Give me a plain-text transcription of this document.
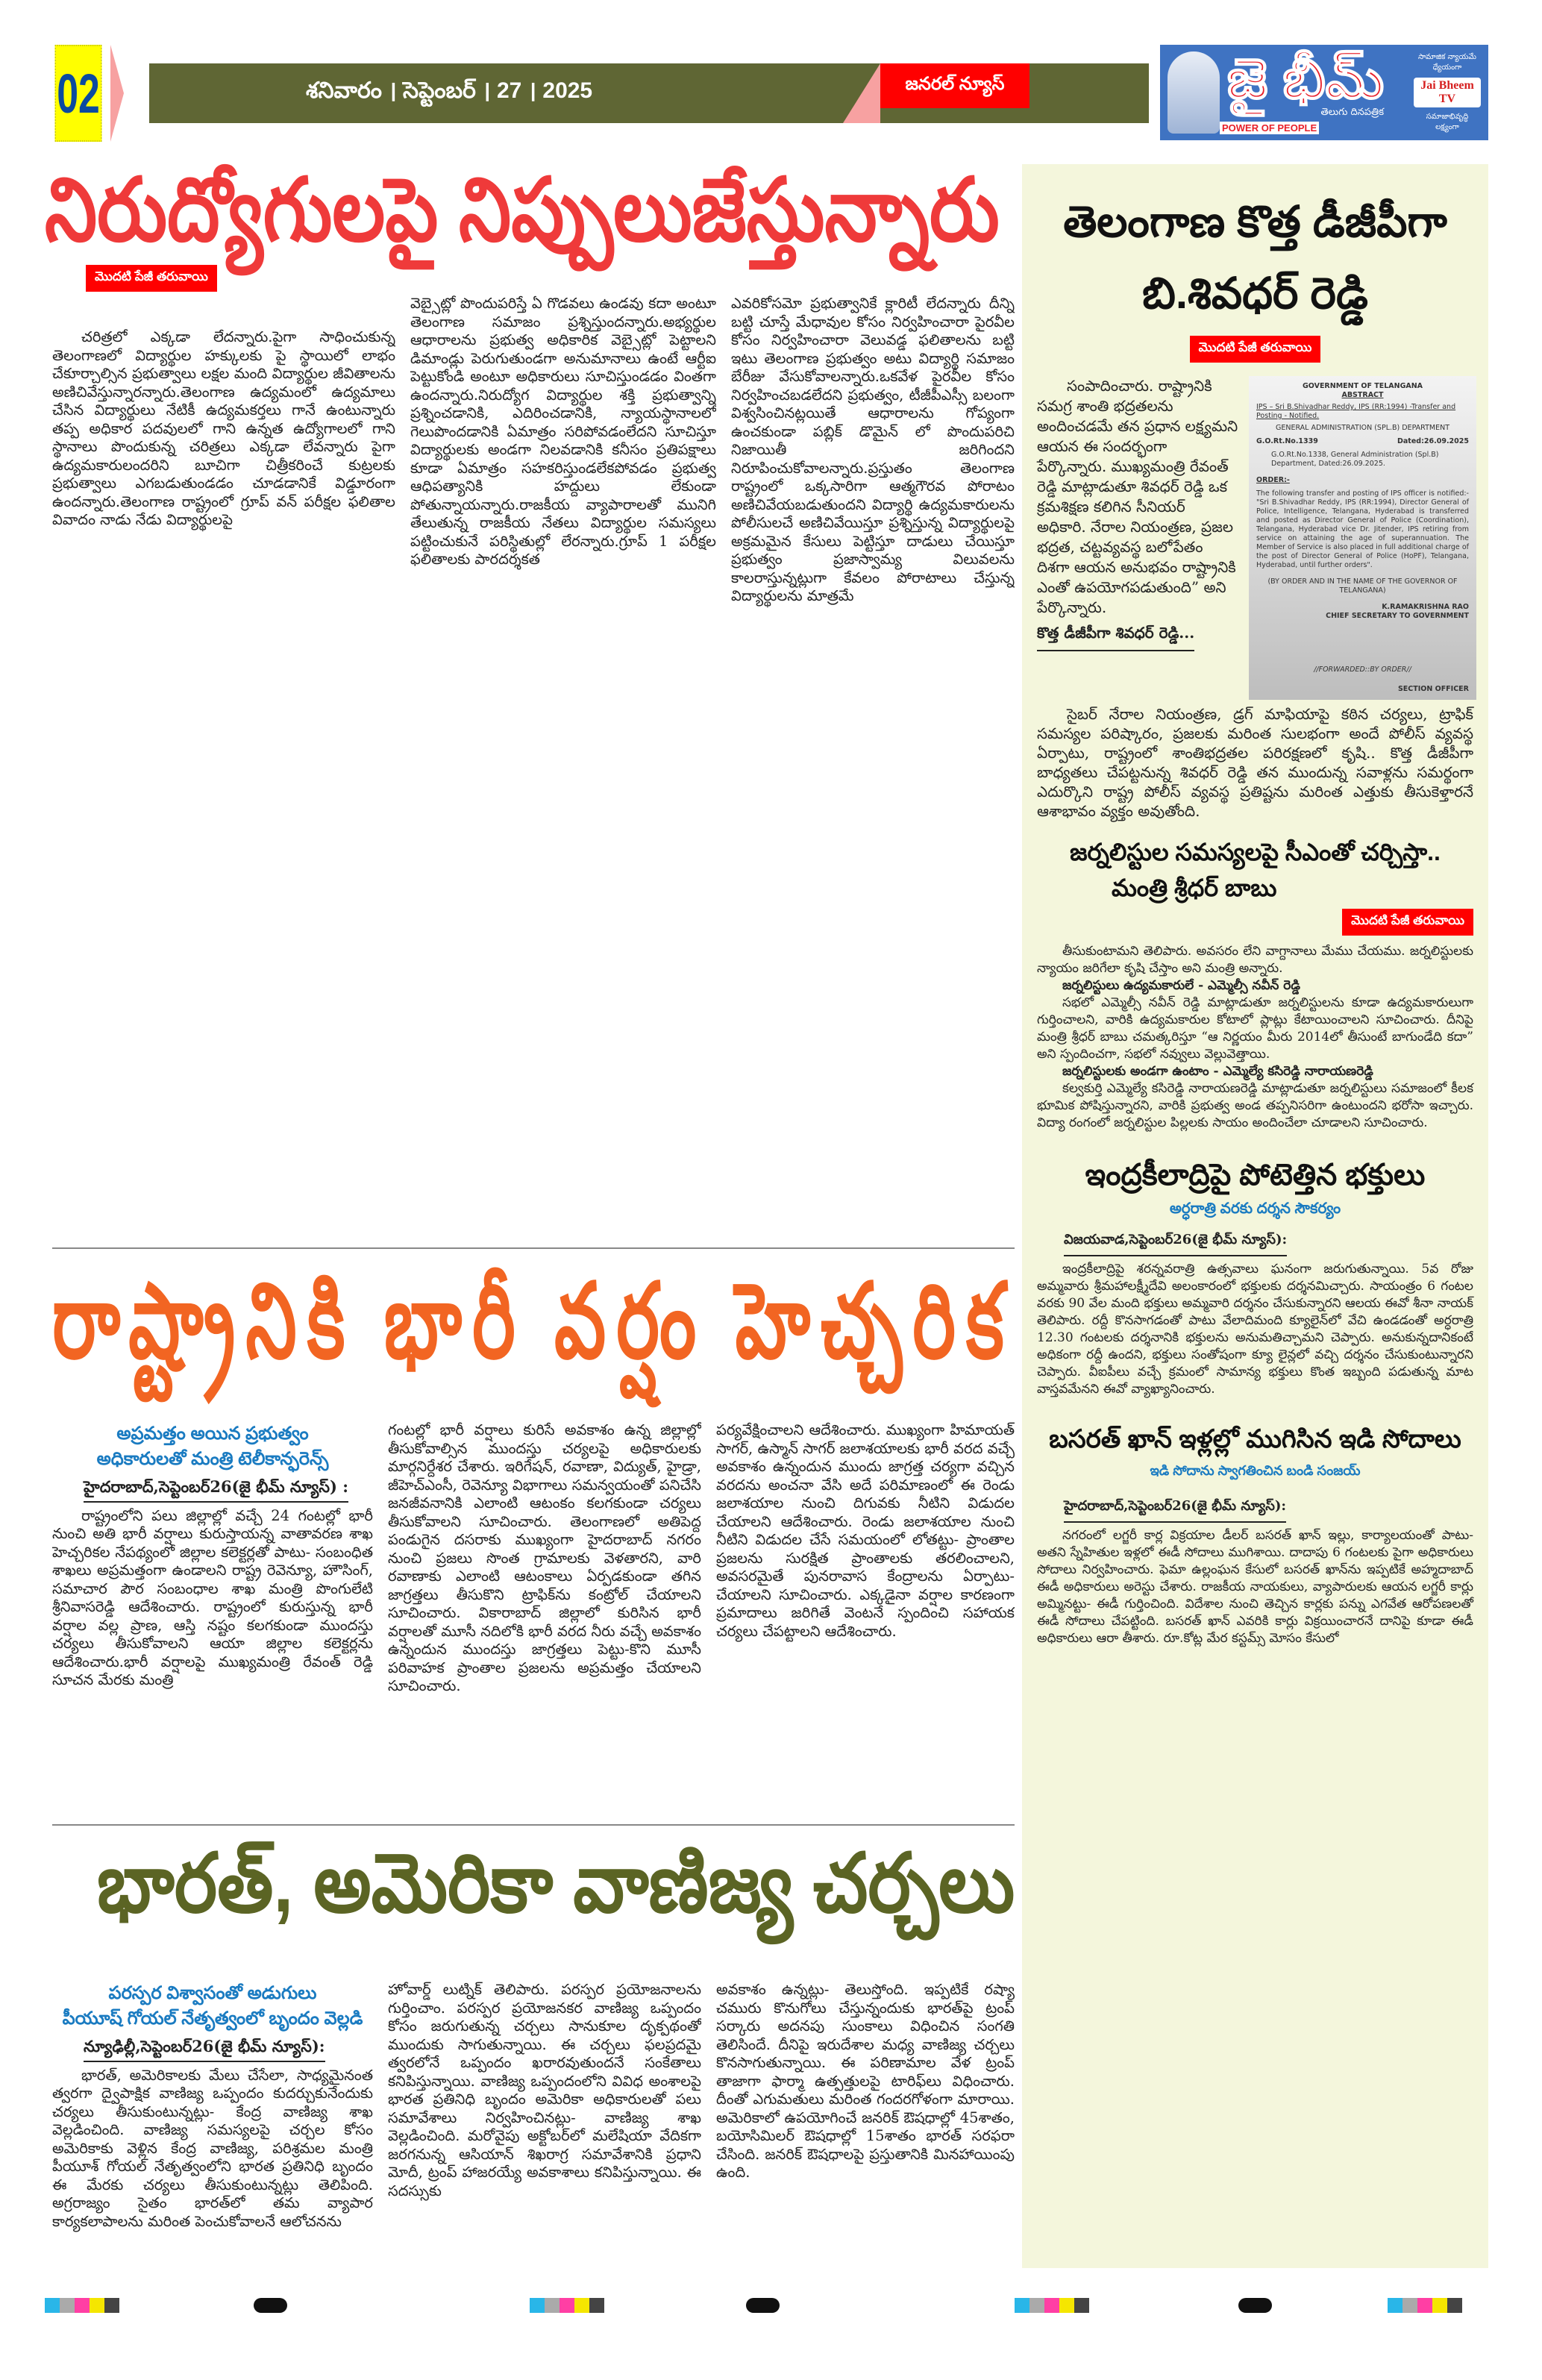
02	శనివారం । సెప్టెంబర్ । 27 । 2025	జనరల్ న్యూస్	జై భీమ్
తెలుగు దినపత్రిక
POWER OF PEOPLE
సామాజిక న్యాయమే ధ్యేయంగా
Jai Bheem TV
సమాజాభివృద్ధి లక్ష్యంగా
నిరుద్యోగులపై నిప్పులుజేస్తున్నారు
మొదటి పేజీ తరువాయి

చరిత్రలో ఎక్కడా లేదన్నారు.పైగా సాధించుకున్న తెలంగాణలో విద్యార్థుల హక్కులకు పై స్థాయిలో లాభం చేకూర్చాల్సిన ప్రభుత్వాలు లక్షల మంది విద్యార్థుల జీవితాలను అణిచివేస్తున్నారన్నారు.తెలంగాణ ఉద్యమంలో ఉద్యమాలు చేసిన విద్యార్థులు నేటికీ ఉద్యమకర్తలు గానే ఉంటున్నారు తప్ప అధికార పదవులలో గాని ఉన్నత ఉద్యోగాలలో గాని స్థానాలు పొందుకున్న చరిత్రలు ఎక్కడా లేవన్నారు పైగా ఉద్యమకారులందరిని బూచిగా చిత్రీకరించే కుట్రలకు ప్రభుత్వాలు ఎగబడుతుండడం చూడడానికే విడ్డూరంగా ఉందన్నారు.తెలంగాణ రాష్ట్రంలో గ్రూప్ వన్ పరీక్షల ఫలితాల వివాదం నాడు నేడు విద్యార్థులపై

వెబ్సైట్లో పొందుపరిస్తే ఏ గొడవలు ఉండవు కదా అంటూ తెలంగాణ సమాజం ప్రశ్నిస్తుందన్నారు.అభ్యర్థుల ఆధారాలను ప్రభుత్వ అధికారిక వెబ్సైట్లో పెట్టాలని డిమాండ్లు పెరుగుతుండగా అనుమానాలు ఉంటే ఆర్టీఐ పెట్టుకోండి అంటూ అధికారులు సూచిస్తుండడం వింతగా ఉందన్నారు.నిరుద్యోగ విద్యార్థుల శక్తి ప్రభుత్వాన్ని ప్రశ్నించడానికి, ఎదిరించడానికి, న్యాయస్థానాలలో గెలుపొందడానికి ఏమాత్రం సరిపోవడంలేదని సూచిస్తూ విద్యార్థులకు అండగా నిలవడానికి కనీసం ప్రతిపక్షాలు కూడా ఏమాత్రం సహకరిస్తుండలేకపోవడం ప్రభుత్వ ఆధిపత్యానికి హద్దులు లేకుండా పోతున్నాయన్నారు.రాజకీయ వ్యాపారాలతో మునిగి తేలుతున్న రాజకీయ నేతలు విద్యార్థుల సమస్యలు పట్టించుకునే పరిస్థితుల్లో లేరన్నారు.గ్రూప్ 1 పరీక్షల ఫలితాలకు పారదర్శకత

ఎవరికోసమో ప్రభుత్వానికే క్లారిటీ లేదన్నారు దీన్ని బట్టి చూస్తే మేధావుల కోసం నిర్వహించారా పైరవీల కోసం నిర్వహించారా వెలువడ్డ ఫలితాలను బట్టి ఇటు తెలంగాణ ప్రభుత్వం అటు విద్యార్థి సమాజం బేరీజు వేసుకోవాలన్నారు.ఒకవేళ పైరవీల కోసం నిర్వహించబడలేదని ప్రభుత్వం, టీజీపీఎస్సీ బలంగా విశ్వసించినట్లయితే ఆధారాలను గోప్యంగా ఉంచకుండా పబ్లిక్ డొమైన్ లో పొందుపరిచి నిజాయితీ జరిగిందని నిరూపించుకోవాలన్నారు.ప్రస్తుతం తెలంగాణ రాష్ట్రంలో ఒక్కసారిగా ఆత్మగౌరవ పోరాటం అణిచివేయబడుతుందని విద్యార్థి ఉద్యమకారులను పోలీసులచే అణిచివేయిస్తూ ప్రశ్నిస్తున్న విద్యార్థులపై అక్రమమైన కేసులు పెట్టిస్తూ దాడులు చేయిస్తూ ప్రభుత్వం ప్రజాస్వామ్య విలువలను కాలరాస్తున్నట్లుగా కేవలం పోరాటాలు చేస్తున్న విద్యార్థులను మాత్రమే

రాష్ట్రానికి భారీ వర్షం హెచ్చరిక
అప్రమత్తం అయిన ప్రభుత్వం
అధికారులతో మంత్రి టెలీకాన్ఫరెన్స్
హైదరాబాద్,సెప్టెంబర్26(జై భీమ్ న్యూస్) :

రాష్ట్రంలోని పలు జిల్లాల్లో వచ్చే 24 గంటల్లో భారీ నుంచి అతి భారీ వర్షాలు కురుస్తాయన్న వాతావరణ శాఖ హెచ్చరికల నేపథ్యంలో జిల్లాల కలెక్టర్లతో పాటు- సంబంధిత శాఖలు అప్రమత్తంగా ఉండాలని రాష్ట్ర రెవెన్యూ, హౌసింగ్, సమాచార పౌర సంబంధాల శాఖ మంత్రి పొంగులేటి శ్రీనివాసరెడ్డి ఆదేశించారు. రాష్ట్రంలో కురుస్తున్న భారీ వర్షాల వల్ల ప్రాణ, ఆస్తి నష్టం కలగకుండా ముందస్తు చర్యలు తీసుకోవాలని ఆయా జిల్లాల కలెక్టర్లను ఆదేశించారు.భారీ వర్షాలపై ముఖ్యమంత్రి రేవంత్ రెడ్డి సూచన మేరకు మంత్రి

గంటల్లో భారీ వర్షాలు కురిసే అవకాశం ఉన్న జిల్లాల్లో తీసుకోవాల్సిన ముందస్తు చర్యలపై అధికారులకు మార్గనిర్దేశర చేశారు. ఇరిగేషన్, రవాణా, విద్యుత్, హైడ్రా, జీహెచ్ఎంసీ, రెవెన్యూ విభాగాలు సమన్వయంతో పనిచేసి జనజీవనానికి ఎలాంటి ఆటంకం కలగకుండా చర్యలు తీసుకోవాలని సూచించారు. తెలంగాణలో అతిపెద్ద పండుగైన దసరాకు ముఖ్యంగా హైదరాబాద్ నగరం నుంచి ప్రజలు సొంత గ్రామాలకు వెళతారని, వారి రవాణాకు ఎలాంటి ఆటంకాలు ఏర్పడకుండా తగిన జాగ్రత్తలు తీసుకొని ట్రాఫిక్‌ను కంట్రోల్ చేయాలని సూచించారు. వికారాబాద్ జిల్లాలో కురిసిన భారీ వర్షాలతో మూసీ నదిలోకి భారీ వరద నీరు వచ్చే అవకాశం ఉన్నందున ముందస్తు జాగ్రత్తలు పెట్టు-కొని మూసీ పరివాహక ప్రాంతాల ప్రజలను అప్రమత్తం చేయాలని సూచించారు.

పర్యవేక్షించాలని ఆదేశించారు. ముఖ్యంగా హిమాయత్ సాగర్, ఉస్మాన్ సాగర్ జలాశయాలకు భారీ వరద వచ్చే అవకాశం ఉన్నందున ముందు జాగ్రత్త చర్యగా వచ్చిన వరదను అంచనా వేసి అదే పరిమాణంలో ఈ రెండు జలాశయాల నుంచి దిగువకు నీటిని విడుదల చేయాలని ఆదేశించారు. రెండు జలాశయాల నుంచి నీటిని విడుదల చేసే సమయంలో లోతట్టు- ప్రాంతాల ప్రజలను సురక్షిత ప్రాంతాలకు తరలించాలని, అవసరమైతే పునరావాస కేంద్రాలను ఏర్పాటు- చేయాలని సూచించారు. ఎక్కడైనా వర్షాల కారణంగా ప్రమాదాలు జరిగితే వెంటనే స్పందించి సహాయక చర్యలు చేపట్టాలని ఆదేశించారు.

భారత్, అమెరికా వాణిజ్య చర్చలు
పరస్పర విశ్వాసంతో అడుగులు
పీయూష్ గోయల్ నేతృత్వంలో బృందం వెల్లడి
న్యూఢిల్లీ,సెప్టెంబర్26(జై భీమ్ న్యూస్):

భారత్, అమెరికాలకు మేలు చేసేలా, సాధ్యమైనంత త్వరగా ద్వైపాక్షిక వాణిజ్య ఒప్పందం కుదర్చుకునేందుకు చర్యలు తీసుకుంటున్నట్లు- కేంద్ర వాణిజ్య శాఖ వెల్లడించింది. వాణిజ్య సమస్యలపై చర్చల కోసం అమెరికాకు వెళ్లిన కేంద్ర వాణిజ్య, పరిశ్రమల మంత్రి పీయూశ్ గోయల్ నేతృత్వంలోని భారత ప్రతినిధి బృందం ఈ మేరకు చర్యలు తీసుకుంటున్నట్లు తెలిపింది. అగ్రరాజ్యం సైతం భారత్‌లో తమ వ్యాపార కార్యకలాపాలను మరింత పెంచుకోవాలనే ఆలోచనను

హోవార్డ్ లుట్నిక్ తెలిపారు. పరస్పర ప్రయోజనాలను గుర్తించాం. పరస్పర ప్రయోజనకర వాణిజ్య ఒప్పందం కోసం జరుగుతున్న చర్చలు సానుకూల దృక్పథంతో ముందుకు సాగుతున్నాయి. ఈ చర్చలు ఫలప్రదమై త్వరలోనే ఒప్పందం ఖరారవుతుందనే సంకేతాలు కనిపిస్తున్నాయి. వాణిజ్య ఒప్పందంలోని వివిధ అంశాలపై భారత ప్రతినిధి బృందం అమెరికా అధికారులతో పలు సమావేశాలు నిర్వహించినట్లు- వాణిజ్య శాఖ వెల్లడించింది. మరోవైపు అక్టోబర్‌లో మలేషియా వేదికగా జరగనున్న ఆసియాన్ శిఖరాగ్ర సమావేశానికి ప్రధాని మోదీ, ట్రంప్ హాజరయ్యే అవకాశాలు కనిపిస్తున్నాయి. ఈ సదస్సుకు

అవకాశం ఉన్నట్లు- తెలుస్తోంది. ఇప్పటికే రష్యా చమురు కొనుగోలు చేస్తున్నందుకు భారత్‌పై ట్రంప్ సర్కారు అదనపు సుంకాలు విధించిన సంగతి తెలిసిందే. దీనిపై ఇరుదేశాల మధ్య వాణిజ్య చర్చలు కొనసాగుతున్నాయి. ఈ పరిణామాల వేళ ట్రంప్ తాజాగా ఫార్మా ఉత్పత్తులపై టారిఫ్‌లు విధించారు. దీంతో ఎగుమతులు మరింత గందరగోళంగా మారాయి. అమెరికాలో ఉపయోగించే జనరిక్ ఔషధాల్లో 45శాతం, బయోసిమిలర్ ఔషధాల్లో 15శాతం భారత్ సరఫరా చేసింది. జనరిక్ ఔషధాలపై ప్రస్తుతానికి మినహాయింపు ఉంది.

తెలంగాణ కొత్త డీజీపీగా
బి.శివధర్ రెడ్డి
మొదటి పేజీ తరువాయి

సంపాదించారు. రాష్ట్రానికి సమగ్ర శాంతి భద్రతలను అందించడమే తన ప్రధాన లక్ష్యమని ఆయన ఈ సందర్భంగా పేర్కొన్నారు. ముఖ్యమంత్రి రేవంత్ రెడ్డి మాట్లాడుతూ శివధర్ రెడ్డి ఒక క్రమశిక్షణ కలిగిన సీనియర్ అధికారి. నేరాల నియంత్రణ, ప్రజల భద్రత, చట్టవ్యవస్థ బలోపేతం దిశగా ఆయన అనుభవం రాష్ట్రానికి ఎంతో ఉపయోగపడుతుంది” అని పేర్కొన్నారు.

కొత్త డీజీపీగా శివధర్ రెడ్డి...
GOVERNMENT OF TELANGANA
ABSTRACT
IPS – Sri B.Shivadhar Reddy, IPS (RR:1994) -Transfer and Posting - Notified.
GENERAL ADMINISTRATION (SPL.B) DEPARTMENT
G.O.Rt.No.1339	Dated:26.09.2025
G.O.Rt.No.1338, General Administration (Spl.B) Department, Dated:26.09.2025.
ORDER:-
The following transfer and posting of IPS officer is notified:- "Sri B.Shivadhar Reddy, IPS (RR:1994), Director General of Police, Intelligence, Telangana, Hyderabad is transferred and posted as Director General of Police (Coordination), Telangana, Hyderabad vice Dr. Jitender, IPS retiring from service on attaining the age of superannuation. The Member of Service is also placed in full additional charge of the post of Director General of Police (HoPF), Telangana, Hyderabad, until further orders".
(BY ORDER AND IN THE NAME OF THE GOVERNOR OF TELANGANA)
K.RAMAKRISHNA RAO
CHIEF SECRETARY TO GOVERNMENT
//FORWARDED::BY ORDER//
SECTION OFFICER

సైబర్ నేరాల నియంత్రణ, డ్రగ్ మాఫియాపై కఠిన చర్యలు, ట్రాఫిక్ సమస్యల పరిష్కారం, ప్రజలకు మరింత సులభంగా అందే పోలీస్ వ్యవస్థ ఏర్పాటు, రాష్ట్రంలో శాంతిభద్రతల పరిరక్షణలో కృషి.. కొత్త డీజీపీగా బాధ్యతలు చేపట్టనున్న శివధర్ రెడ్డి తన ముందున్న సవాళ్లను సమర్థంగా ఎదుర్కొని రాష్ట్ర పోలీస్ వ్యవస్థ ప్రతిష్టను మరింత ఎత్తుకు తీసుకెళ్తారనే ఆశాభావం వ్యక్తం అవుతోంది.

జర్నలిస్టుల సమస్యలపై సీఎంతో చర్చిస్తా..
మంత్రి శ్రీధర్ బాబు
మొదటి పేజీ తరువాయి

తీసుకుంటామని తెలిపారు. అవసరం లేని వాగ్దానాలు మేము చేయము. జర్నలిస్టులకు న్యాయం జరిగేలా కృషి చేస్తాం అని మంత్రి అన్నారు.

జర్నలిస్టులు ఉద్యమకారులే - ఎమ్మెల్సీ నవీన్ రెడ్డి

సభలో ఎమ్మెల్సీ నవీన్ రెడ్డి మాట్లాడుతూ జర్నలిస్టులను కూడా ఉద్యమకారులుగా గుర్తించాలని, వారికి ఉద్యమకారుల కోటాలో ప్లాట్లు కేటాయించాలని సూచించారు. దీనిపై మంత్రి శ్రీధర్ బాబు చమత్కరిస్తూ “ఆ నిర్ణయం మీరు 2014లో తీసుంటే బాగుండేది కదా” అని స్పందించగా, సభలో నవ్వులు వెల్లువెత్తాయి.

జర్నలిస్టులకు అండగా ఉంటాం - ఎమ్మెల్యే కసిరెడ్డి నారాయణరెడ్డి

కల్వకుర్తి ఎమ్మెల్యే కసిరెడ్డి నారాయణరెడ్డి మాట్లాడుతూ జర్నలిస్టులు సమాజంలో కీలక భూమిక పోషిస్తున్నారని, వారికి ప్రభుత్వ అండ తప్పనిసరిగా ఉంటుందని భరోసా ఇచ్చారు. విద్యా రంగంలో జర్నలిస్టుల పిల్లలకు సాయం అందించేలా చూడాలని సూచించారు.

ఇంద్రకీలాద్రిపై పోటెత్తిన భక్తులు
అర్ధరాత్రి వరకు దర్శన సౌకర్యం
విజయవాడ,సెప్టెంబర్26(జై భీమ్ న్యూస్):

ఇంద్రకీలాద్రిపై శరన్నవరాత్రి ఉత్సవాలు ఘనంగా జరుగుతున్నాయి. 5వ రోజు అమ్మవారు శ్రీమహాలక్ష్మీదేవి అలంకారంలో భక్తులకు దర్శనమిచ్చారు. సాయంత్రం 6 గంటల వరకు 90 వేల మంది భక్తులు అమ్మవారి దర్శనం చేసుకున్నారని ఆలయ ఈవో శీనా నాయక్ తెలిపారు. రద్దీ కొనసాగడంతో పాటు వేలాదిమంది క్యూలైన్‌లో వేచి ఉండడంతో అర్ధరాత్రి 12.30 గంటలకు దర్శనానికి భక్తులను అనుమతిచ్చామని చెప్పారు. అనుకున్నదానికంటే అధికంగా రద్దీ ఉందని, భక్తులు సంతోషంగా క్యూ లైన్లలో వచ్చి దర్శనం చేసుకుంటున్నారని చెప్పారు. వీఐపీలు వచ్చే క్రమంలో సామాన్య భక్తులు కొంత ఇబ్బంది పడుతున్న మాట వాస్తవమేనని ఈవో వ్యాఖ్యానించారు.

బసరత్ ఖాన్ ఇళ్లల్లో ముగిసిన ఇడి సోదాలు
ఇడి సోదాను స్వాగతించిన బండి సంజయ్
హైదరాబాద్,సెప్టెంబర్26(జై భీమ్ న్యూస్):

నగరంలో లగ్జరీ కార్ల విక్రయాల డీలర్ బసరత్ ఖాన్ ఇల్లు, కార్యాలయంతో పాటు- అతని స్నేహితుల ఇళ్లలో ఈడీ సోదాలు ముగిశాయి. దాదాపు 6 గంటలకు పైగా అధికారులు సోదాలు నిర్వహించారు. ఫెమా ఉల్లంఘన కేసులో బసరత్ ఖాన్‌ను ఇప్పటికే అహ్మదాబాద్ ఈడీ అధికారులు అరెస్టు చేశారు. రాజకీయ నాయకులు, వ్యాపారులకు ఆయన లగ్జరీ కార్లు అమ్మినట్టు- ఈడీ గుర్తించింది. విదేశాల నుంచి తెచ్చిన కార్లకు పన్ను ఎగవేత ఆరోపణలతో ఈడీ సోదాలు చేపట్టింది. బసరత్ ఖాన్ ఎవరికి కార్లు విక్రయించారనే దానిపై కూడా ఈడీ అధికారులు ఆరా తీశారు. రూ.కోట్ల మేర కస్టమ్స్ మోసం కేసులో
